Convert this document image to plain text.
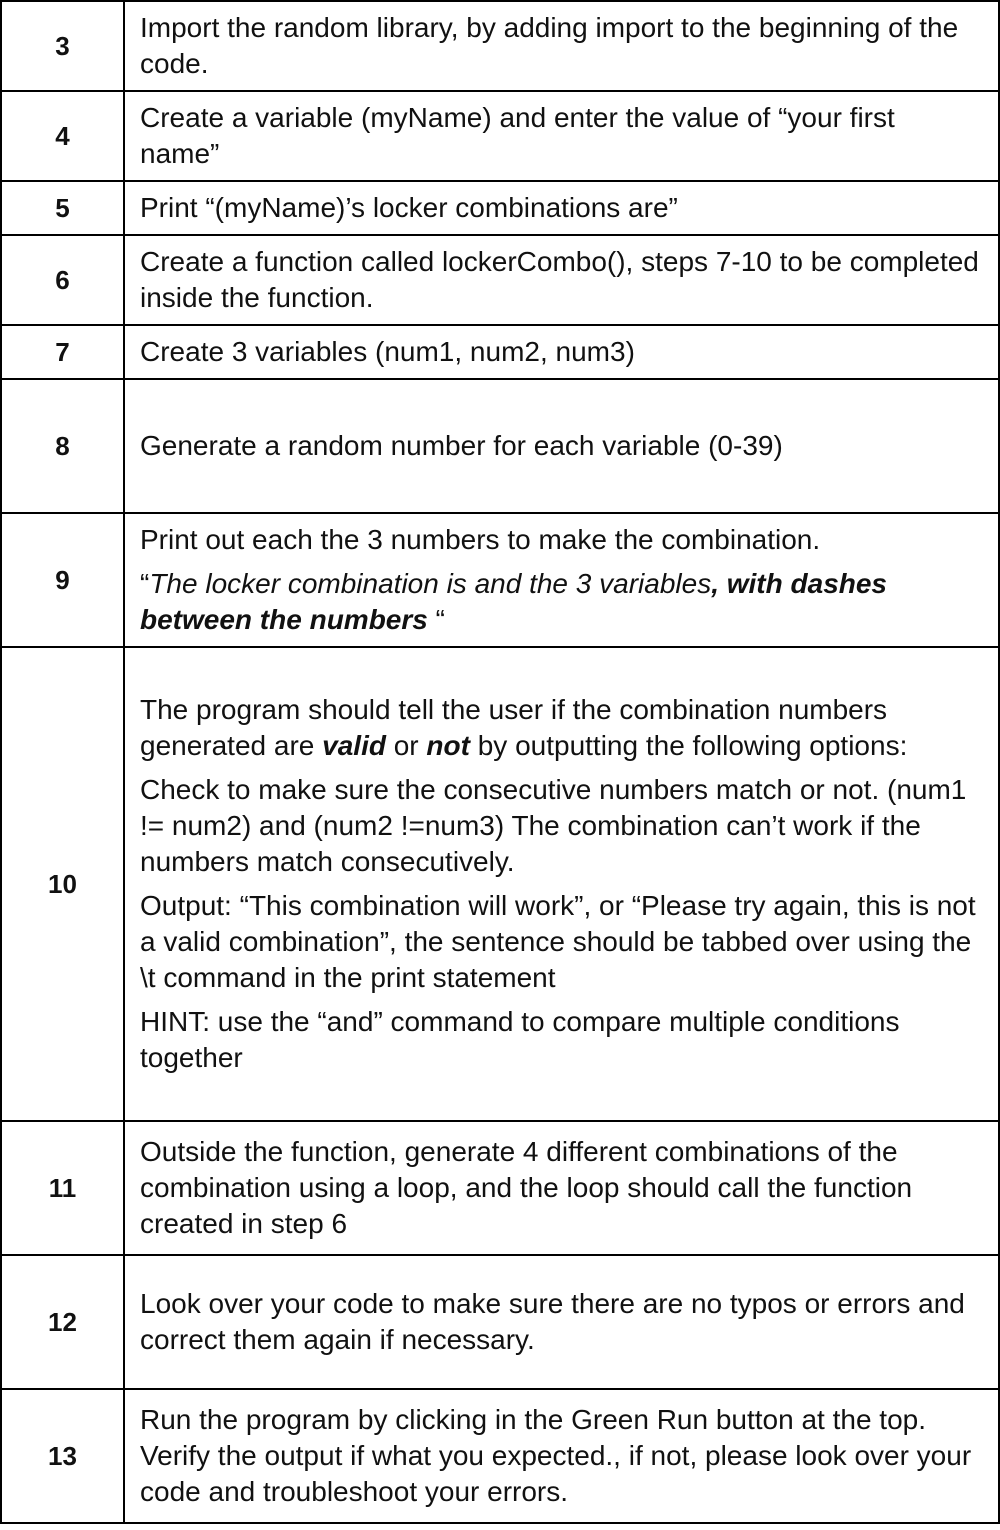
3	Import the random library, by adding import to the beginning of the code.
4	Create a variable (myName) and enter the value of “your first name”
5	Print “(myName)’s locker combinations are”
6	Create a function called lockerCombo(), steps 7-10 to be completed inside the function.
7	Create 3 variables (num1, num2, num3)
8	Generate a random number for each variable (0-39)
9	Print out each the 3 numbers to make the combination.

“The locker combination is and the 3 variables, with dashes between the numbers “

10	The program should tell the user if the combination numbers generated are valid or not by outputting the following options:

Check to make sure the consecutive numbers match or not. (num1 != num2) and (num2 !=num3) The combination can’t work if the numbers match consecutively.

Output: “This combination will work”, or “Please try again, this is not a valid combination”, the sentence should be tabbed over using the \t command in the print statement

HINT: use the “and” command to compare multiple conditions together

11	Outside the function, generate 4 different combinations of the combination using a loop, and the loop should call the function created in step 6
12	Look over your code to make sure there are no typos or errors and correct them again if necessary.
13	Run the program by clicking in the Green Run button at the top. Verify the output if what you expected., if not, please look over your code and troubleshoot your errors.
